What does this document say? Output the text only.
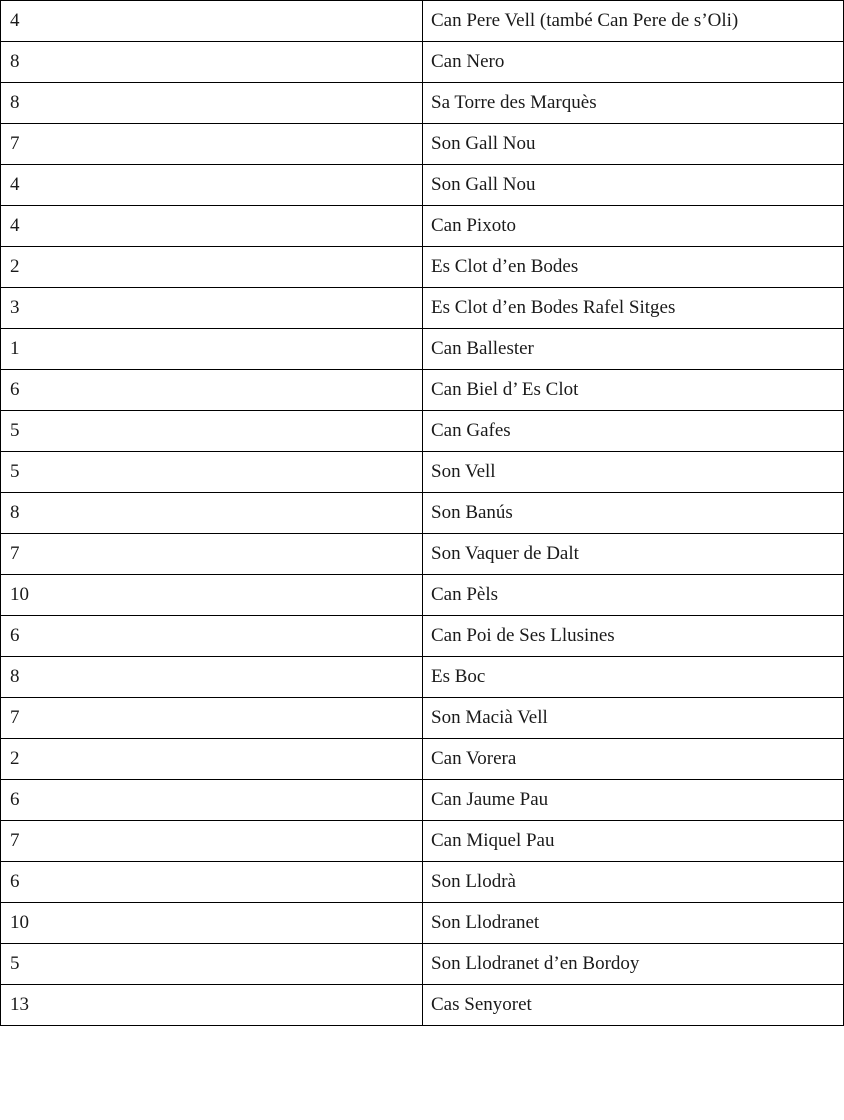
4	Can Pere Vell (també Can Pere de s’Oli)
8	Can Nero
8	Sa Torre des Marquès
7	Son Gall Nou
4	Son Gall Nou
4	Can Pixoto
2	Es Clot d’en Bodes
3	Es Clot d’en Bodes Rafel Sitges
1	Can Ballester
6	Can Biel d’ Es Clot
5	Can Gafes
5	Son Vell
8	Son Banús
7	Son Vaquer de Dalt
10	Can Pèls
6	Can Poi de Ses Llusines
8	Es Boc
7	Son Macià Vell
2	Can Vorera
6	Can Jaume Pau
7	Can Miquel Pau
6	Son Llodrà
10	Son Llodranet
5	Son Llodranet d’en Bordoy
13	Cas Senyoret
